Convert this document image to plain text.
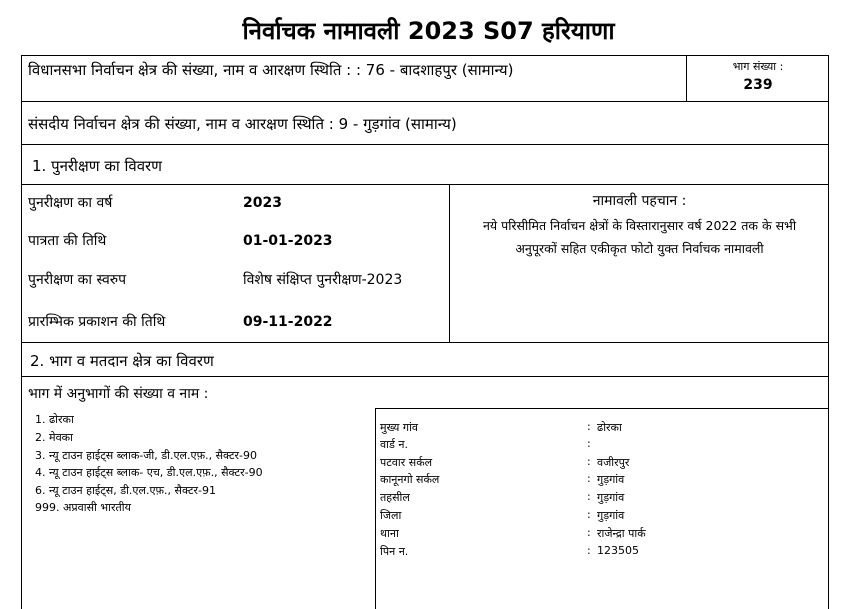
निर्वाचक नामावली 2023 S07 हरियाणा
विधानसभा निर्वाचन क्षेत्र की संख्या, नाम व आरक्षण स्थिति : : 76 - बादशाहपुर (सामान्य)	भाग संख्या :
239
संसदीय निर्वाचन क्षेत्र की संख्या, नाम व आरक्षण स्थिति : 9 - गुड़गांव (सामान्य)
1. पुनरीक्षण का विवरण
पुनरीक्षण का वर्ष	2023
पात्रता की तिथि	01-01-2023
पुनरीक्षण का स्वरुप	विशेष संक्षिप्त पुनरीक्षण-2023
प्रारम्भिक प्रकाशन की तिथि	09-11-2022
नामावली पहचान :
नये परिसीमित निर्वाचन क्षेत्रों के विस्तारानुसार वर्ष 2022 तक के सभी
अनुपूरकों सहित एकीकृत फोटो युक्त निर्वाचक नामावली
2. भाग व मतदान क्षेत्र का विवरण
भाग में अनुभागों की संख्या व नाम :
1. ढोरका
2. मेवका
3. न्यू टाउन हाईट्स ब्लाक-जी, डी.एल.एफ़., सैक्टर-90
4. न्यू टाउन हाईट्स ब्लाक- एच, डी.एल.एफ़., सैक्टर-90
6. न्यू टाउन हाईट्स, डी.एल.एफ़., सैक्टर-91
999. अप्रवासी भारतीय
मुख्य गांव	: ढोरका
वार्ड न.	:
पटवार सर्कल	: वजीरपुर
कानूनगो सर्कल	: गुड़गांव
तहसील	: गुड़गांव
जिला	: गुड़गांव
थाना	: राजेन्द्रा पार्क
पिन न.	: 123505
